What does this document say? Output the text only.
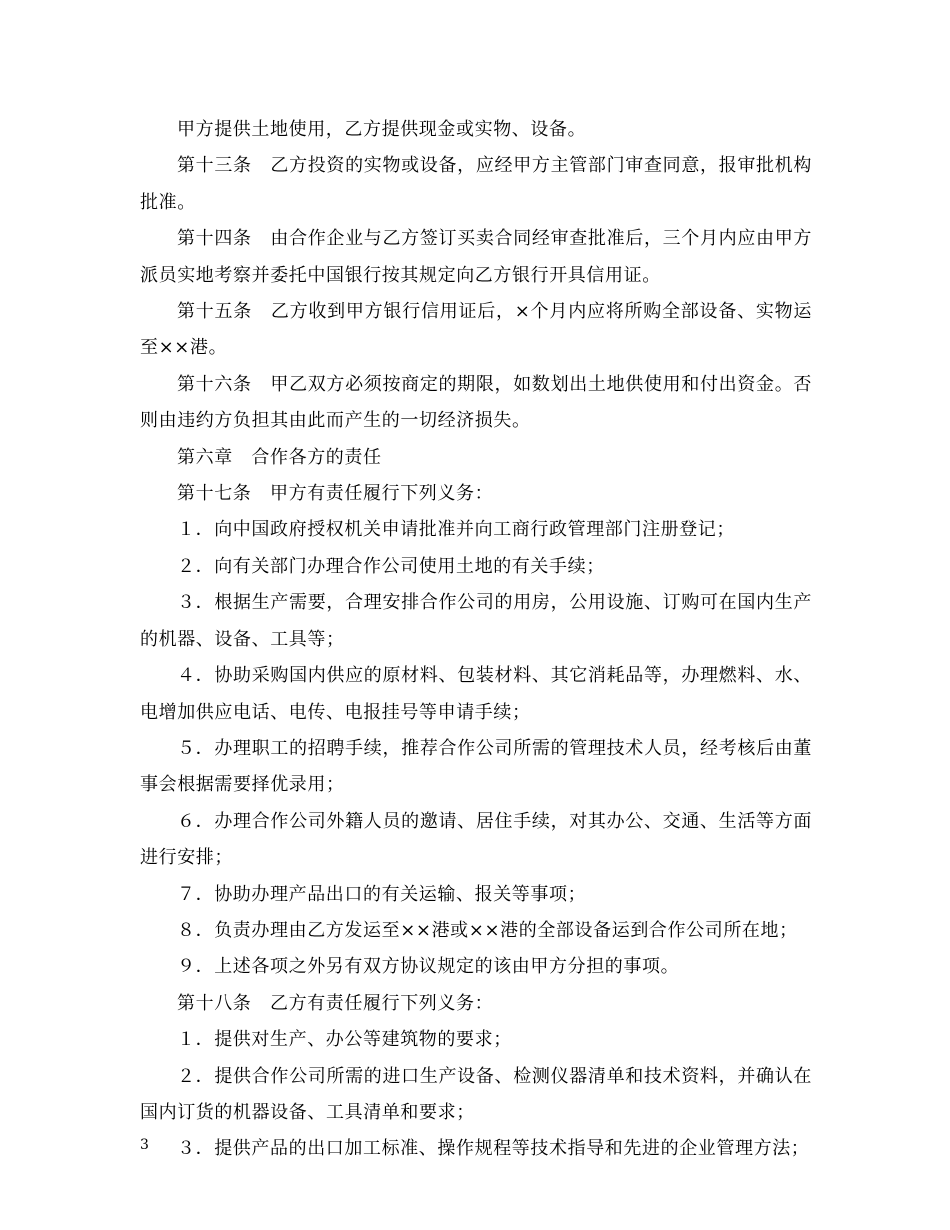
甲方提供土地使用，乙方提供现金或实物、设备。

第十三条　乙方投资的实物或设备，应经甲方主管部门审查同意，报审批机构批准。

第十四条　由合作企业与乙方签订买卖合同经审查批准后，三个月内应由甲方派员实地考察并委托中国银行按其规定向乙方银行开具信用证。

第十五条　乙方收到甲方银行信用证后，×个月内应将所购全部设备、实物运至××港。

第十六条　甲乙双方必须按商定的期限，如数划出土地供使用和付出资金。否则由违约方负担其由此而产生的一切经济损失。

第六章　合作各方的责任

第十七条　甲方有责任履行下列义务：

１．向中国政府授权机关申请批准并向工商行政管理部门注册登记；

２．向有关部门办理合作公司使用土地的有关手续；

３．根据生产需要，合理安排合作公司的用房，公用设施、订购可在国内生产的机器、设备、工具等；

４．协助采购国内供应的原材料、包装材料、其它消耗品等，办理燃料、水、电增加供应电话、电传、电报挂号等申请手续；

５．办理职工的招聘手续，推荐合作公司所需的管理技术人员，经考核后由董事会根据需要择优录用；

６．办理合作公司外籍人员的邀请、居住手续，对其办公、交通、生活等方面进行安排；

７．协助办理产品出口的有关运输、报关等事项；

８．负责办理由乙方发运至××港或××港的全部设备运到合作公司所在地；

９．上述各项之外另有双方协议规定的该由甲方分担的事项。

第十八条　乙方有责任履行下列义务：

１．提供对生产、办公等建筑物的要求；

２．提供合作公司所需的进口生产设备、检测仪器清单和技术资料，并确认在国内订货的机器设备、工具清单和要求；

３．提供产品的出口加工标准、操作规程等技术指导和先进的企业管理方法；

3
